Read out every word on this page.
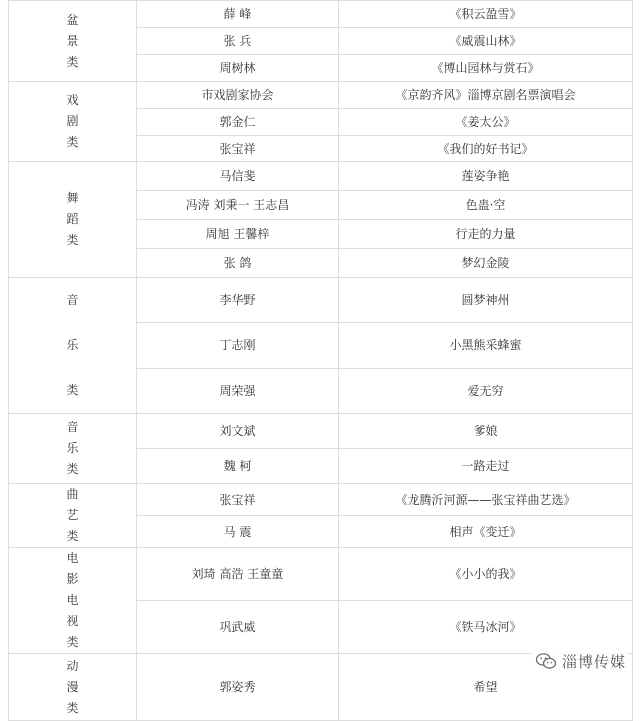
盆景类	薛 峰	《积云盈雪》
	张 兵	《威震山林》
	周树林	《博山园林与赏石》
戏剧类	市戏剧家协会	《京韵齐风》淄博京剧名票演唱会
	郭金仁	《姜太公》
	张宝祥	《我们的好书记》
舞蹈类	马信斐	莲姿争艳
	冯涛 刘秉一 王志昌	色蛊·空
	周旭 王馨梓	行走的力量
	张 鸽	梦幻金陵
音乐类	李华野	圆梦神州
	丁志刚	小黑熊采蜂蜜
	周荣强	爱无穷
音乐类	刘文斌	爹娘
	魏 柯	一路走过
曲艺类	张宝祥	《龙腾沂河源——张宝祥曲艺选》
	马 震	相声《变迁》
电影电视类	刘琦 高浩 王童童	《小小的我》
	巩武威	《铁马冰河》
动漫类	郭姿秀	希望
淄博传媒
